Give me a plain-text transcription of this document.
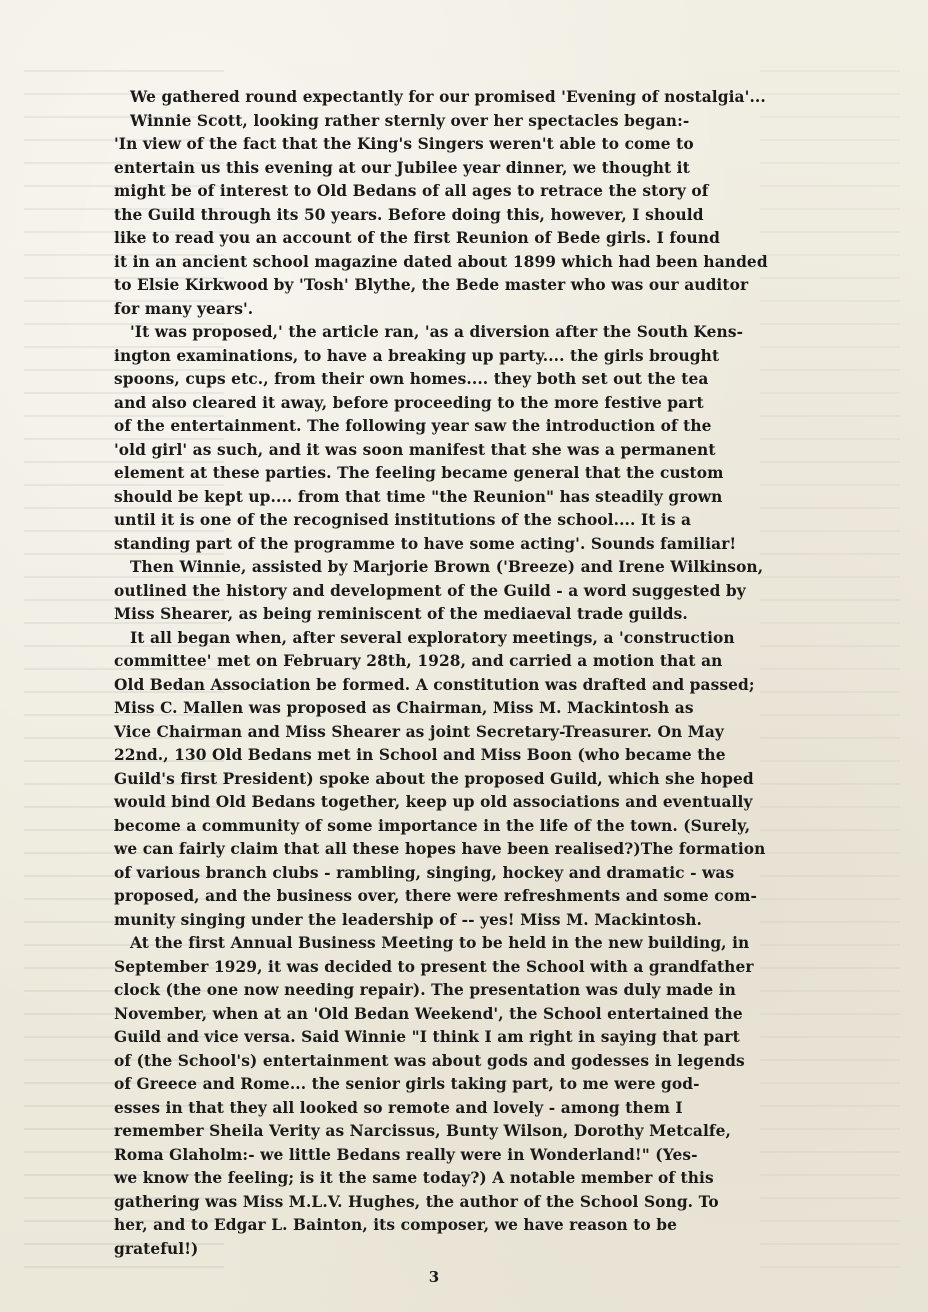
We gathered round expectantly for our promised 'Evening of nostalgia'...
Winnie Scott, looking rather sternly over her spectacles began:-
'In view of the fact that the King's Singers weren't able to come to
entertain us this evening at our Jubilee year dinner, we thought it
might be of interest to Old Bedans of all ages to retrace the story of
the Guild through its 50 years. Before doing this, however, I should
like to read you an account of the first Reunion of Bede girls. I found
it in an ancient school magazine dated about 1899 which had been handed
to Elsie Kirkwood by 'Tosh' Blythe, the Bede master who was our auditor
for many years'.
'It was proposed,' the article ran, 'as a diversion after the South Kens-
ington examinations, to have a breaking up party.... the girls brought
spoons, cups etc., from their own homes.... they both set out the tea
and also cleared it away, before proceeding to the more festive part
of the entertainment. The following year saw the introduction of the
'old girl' as such, and it was soon manifest that she was a permanent
element at these parties. The feeling became general that the custom
should be kept up.... from that time "the Reunion" has steadily grown
until it is one of the recognised institutions of the school.... It is a
standing part of the programme to have some acting'. Sounds familiar!
Then Winnie, assisted by Marjorie Brown ('Breeze) and Irene Wilkinson,
outlined the history and development of the Guild - a word suggested by
Miss Shearer, as being reminiscent of the mediaeval trade guilds.
It all began when, after several exploratory meetings, a 'construction
committee' met on February 28th, 1928, and carried a motion that an
Old Bedan Association be formed. A constitution was drafted and passed;
Miss C. Mallen was proposed as Chairman, Miss M. Mackintosh as
Vice Chairman and Miss Shearer as joint Secretary-Treasurer. On May
22nd., 130 Old Bedans met in School and Miss Boon (who became the
Guild's first President) spoke about the proposed Guild, which she hoped
would bind Old Bedans together, keep up old associations and eventually
become a community of some importance in the life of the town. (Surely,
we can fairly claim that all these hopes have been realised?)The formation
of various branch clubs - rambling, singing, hockey and dramatic - was
proposed, and the business over, there were refreshments and some com-
munity singing under the leadership of -- yes! Miss M. Mackintosh.
At the first Annual Business Meeting to be held in the new building, in
September 1929, it was decided to present the School with a grandfather
clock (the one now needing repair). The presentation was duly made in
November, when at an 'Old Bedan Weekend', the School entertained the
Guild and vice versa. Said Winnie "I think I am right in saying that part
of (the School's) entertainment was about gods and godesses in legends
of Greece and Rome... the senior girls taking part, to me were god-
esses in that they all looked so remote and lovely - among them I
remember Sheila Verity as Narcissus, Bunty Wilson, Dorothy Metcalfe,
Roma Glaholm:- we little Bedans really were in Wonderland!" (Yes-
we know the feeling; is it the same today?) A notable member of this
gathering was Miss M.L.V. Hughes, the author of the School Song. To
her, and to Edgar L. Bainton, its composer, we have reason to be
grateful!)
3
